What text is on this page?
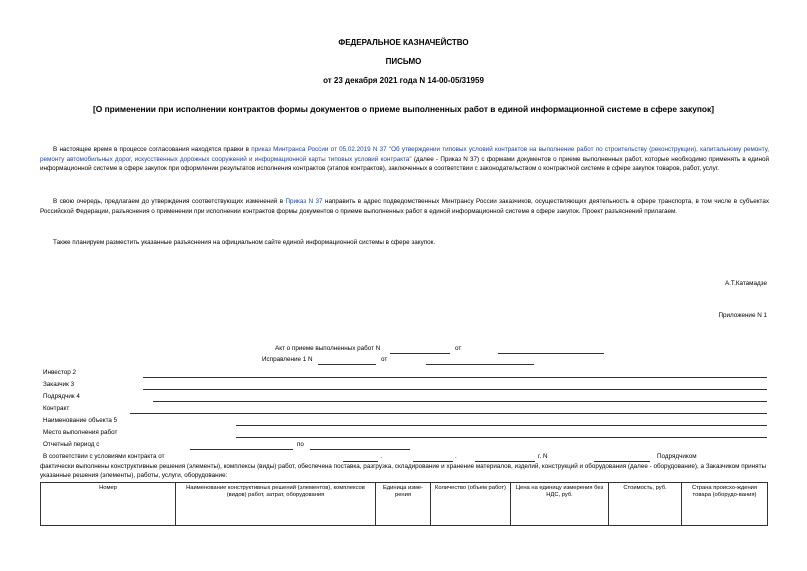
ФЕДЕРАЛЬНОЕ КАЗНАЧЕЙСТВО
ПИСЬМО
от 23 декабря 2021 года N 14-00-05/31959
[О применении при исполнении контрактов формы документов о приеме выполненных работ в единой информационной системе в сфере закупок]
В настоящее время в процессе согласования находятся правки в приказ Минтранса России от 05.02.2019 N 37 "Об утверждении типовых условий контрактов на выполнение работ по строительству (реконструкции), капитальному ремонту, ремонту автомобильных дорог, искусственных дорожных сооружений и информационной карты типовых условий контракта" (далее - Приказ N 37) с формами документов о приеме выполненных работ, которые необходимо применять в единой информационной системе в сфере закупок при оформлении результатов исполнения контрактов (этапов контрактов), заключенных в соответствии с законодательством о контрактной системе в сфере закупок товаров, работ, услуг.
В свою очередь, предлагаем до утверждения соответствующих изменений в Приказ N 37 направить в адрес подведомственных Минтрансу России заказчиков, осуществляющих деятельность в сфере транспорта, в том числе в субъектах Российской Федерации, разъяснения о применении при исполнении контрактов формы документов о приеме выполненных работ в единой информационной системе в сфере закупок. Проект разъяснений прилагаем.
Также планируем разместить указанные разъяснения на официальном сайте единой информационной системы в сфере закупок.
А.Т.Катамадзе
Приложение N 1
Акт о приеме выполненных работ N	от
Исправление 1 N	от
Инвестор 2
Заказчик 3
Подрядчик 4
Контракт
Наименование объекта 5
Место выполнения работ
Отчетный период с	по
В соответствии с условиями контракта от	.	.	г. N	Подрядчиком
фактически выполнены конструктивные решения (элементы), комплексы (виды) работ, обеспечена поставка, разгрузка, складирование и хранение материалов, изделий, конструкций и оборудования (далее - оборудование), а Заказчиком приняты указанные решения (элементы), работы, услуги, оборудование:
Номер	Наименование конструктивных решений (элементов), комплексов (видов) работ, затрат, оборудования	Единица изме-рения	Количество (объем работ)	Цена на единицу измерения без НДС, руб.	Стоимость, руб.	Страна происхо-ждения товара (оборудо-вания)
